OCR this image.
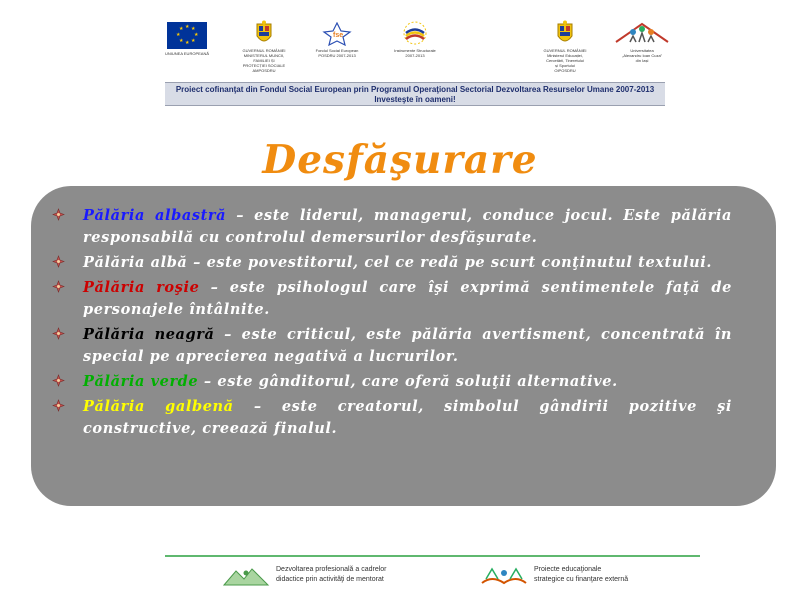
★ ★
★
★
★
★
★
★
UNIUNEA EUROPEANĂ
GUVERNUL ROMÂNIEI
MINISTERUL MUNCII, FAMILIEI ȘI
PROTECȚIEI SOCIALE
AMPOSDRU
fse
Fondul Social European
POSDRU 2007-2013
Instrumente Structurale
2007-2013
GUVERNUL ROMÂNIEI
Ministerul Educației,
Cercetării, Tineretului
și Sportului
OIPOSDRU
Universitatea
„Alexandru Ioan Cuza”
din Iași
Proiect cofinanţat din Fondul Social European prin Programul Operaţional Sectorial Dezvoltarea Resurselor Umane 2007-2013
Investeşte în oameni!
Desfăşurare
Pălăria albastră – este liderul, managerul, conduce jocul. Este pălăria responsabilă cu controlul demersurilor desfăşurate.
Pălăria albă – este povestitorul, cel ce redă pe scurt conţinutul textului.
Pălăria roşie – este psihologul care îşi exprimă sentimentele faţă de personajele întâlnite.
Pălăria neagră – este criticul, este pălăria avertisment, concentrată în special pe aprecierea negativă a lucrurilor.
Pălăria verde – este gânditorul, care oferă soluţii alternative.
Pălăria galbenă – este creatorul, simbolul gândirii pozitive şi constructive, creează finalul.
Dezvoltarea profesională a cadrelor
didactice prin activităţi de mentorat
Proiecte educaţionale
strategice cu finanţare externă
